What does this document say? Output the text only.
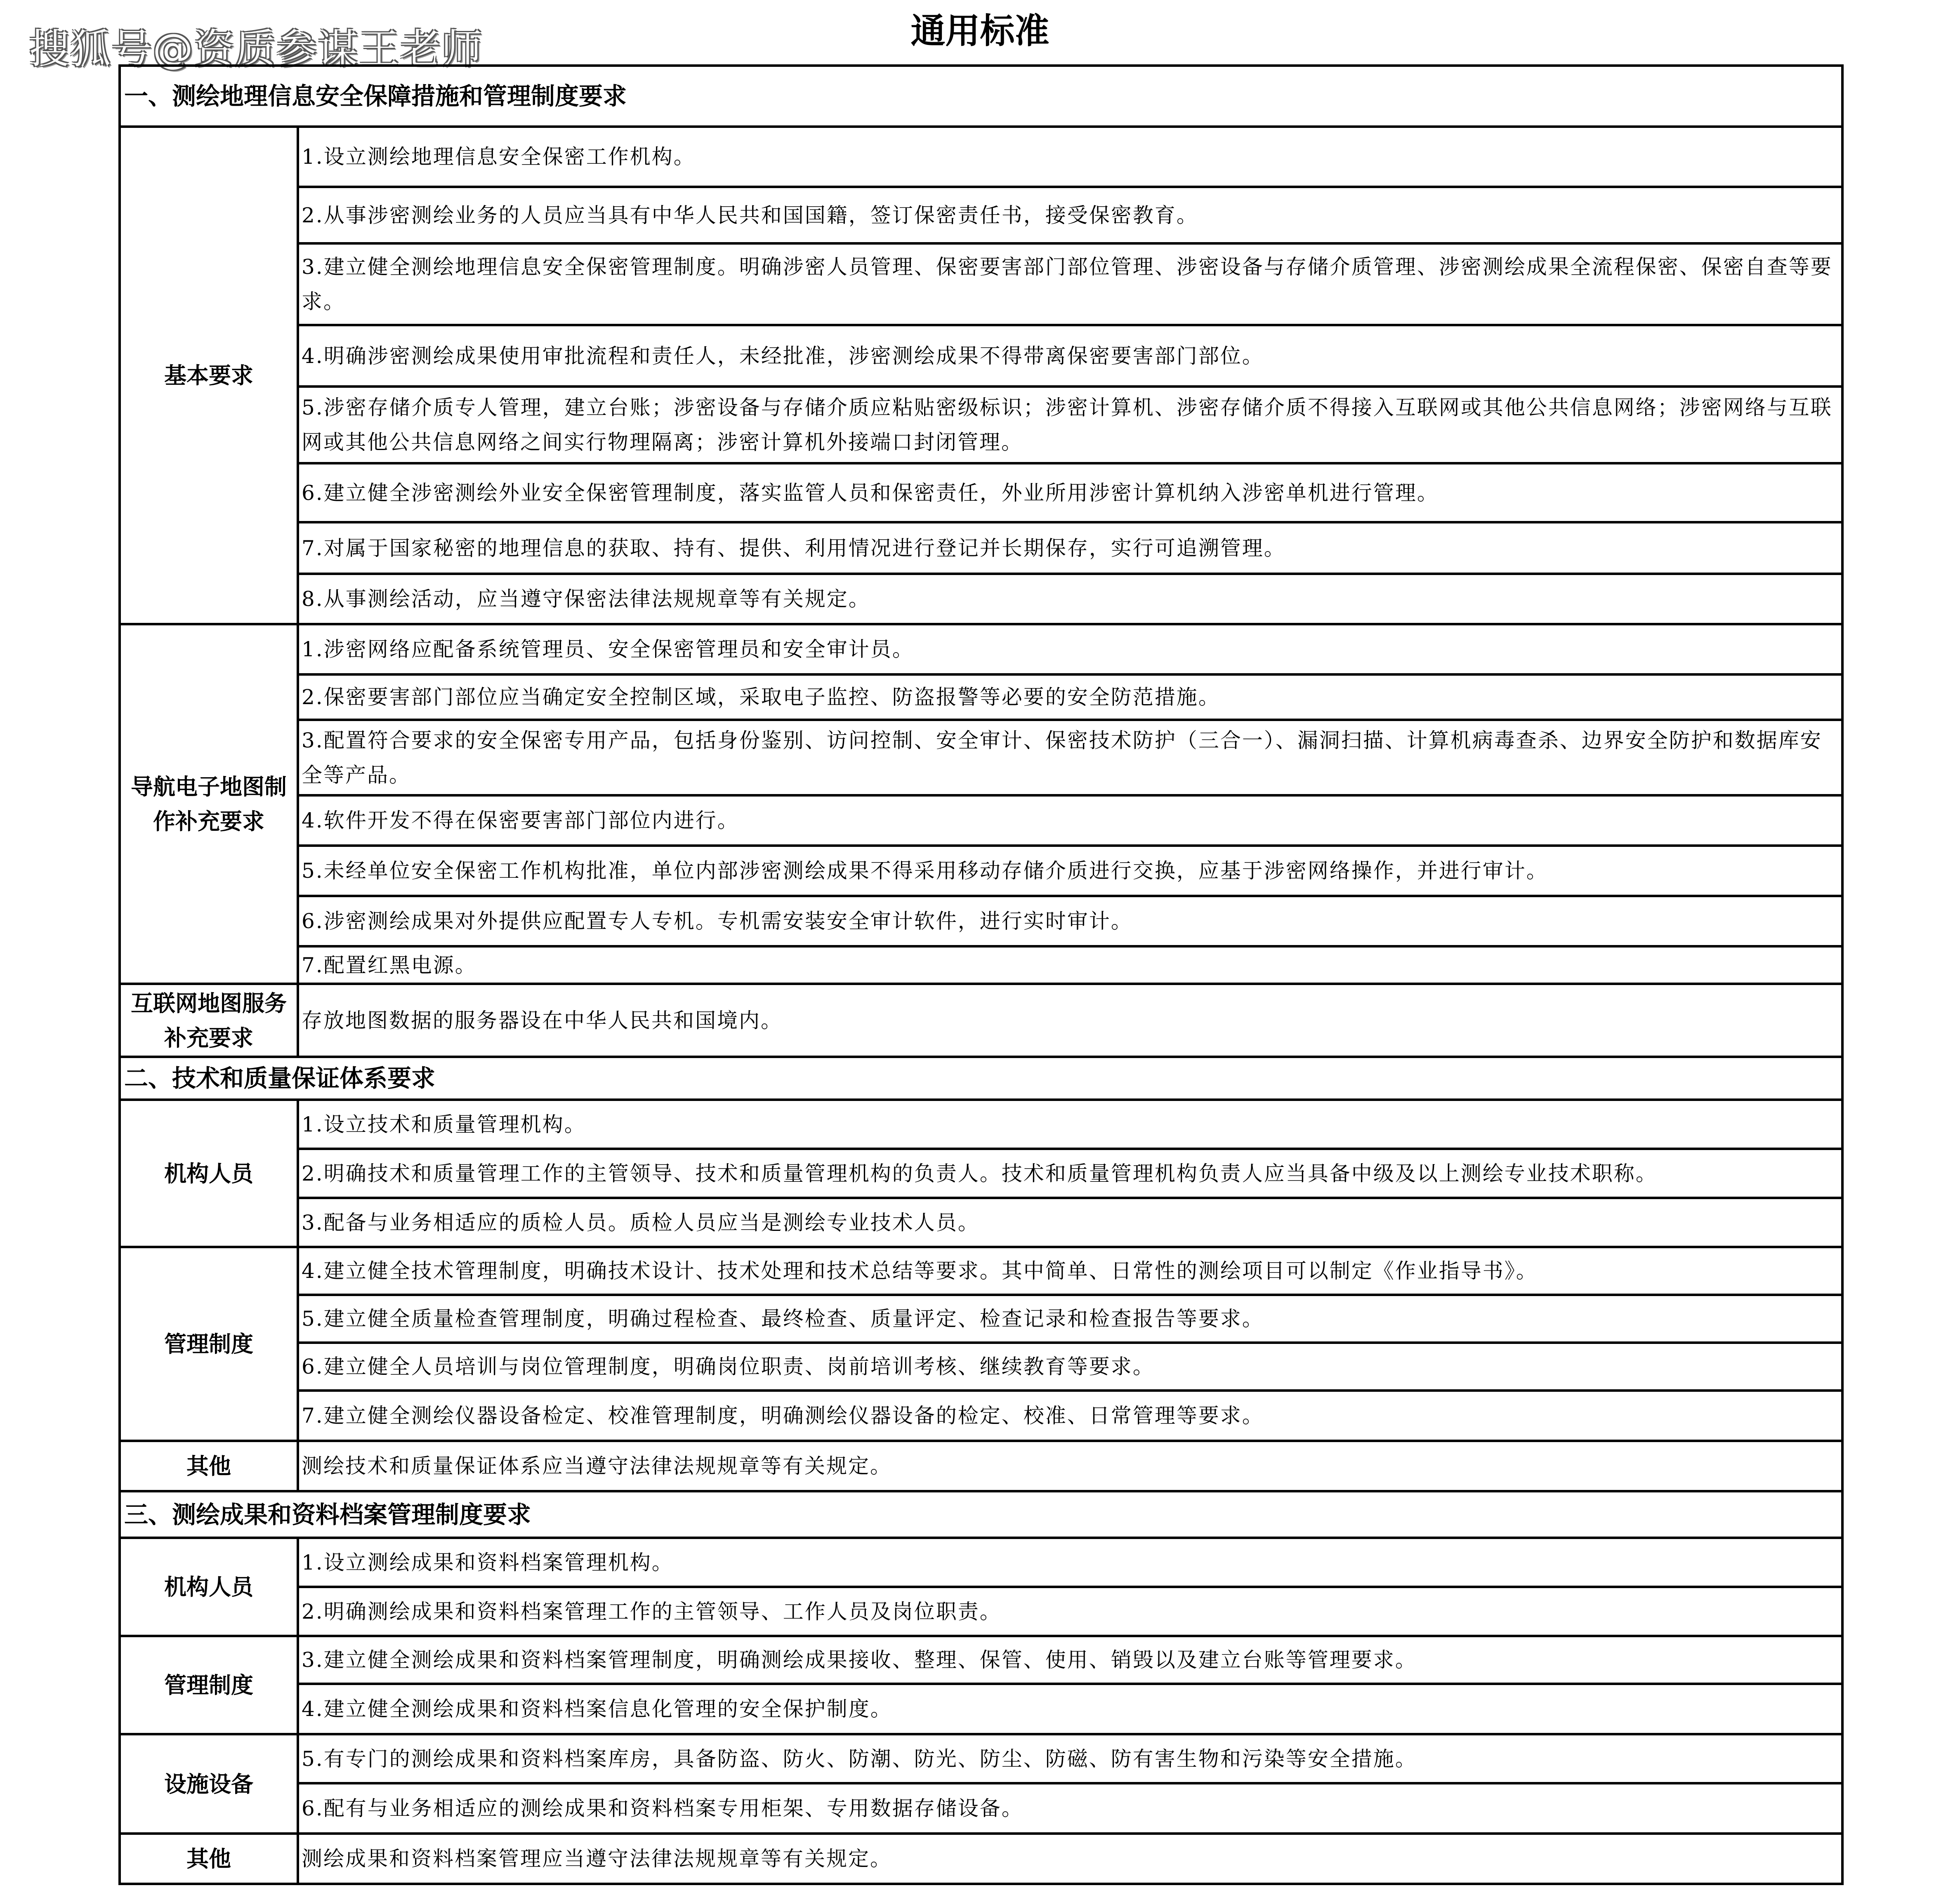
搜狐号@资质参谋王老师	通用标准
一、测绘地理信息安全保障措施和管理制度要求	
基本要求	1.设立测绘地理信息安全保密工作机构。
	2.从事涉密测绘业务的人员应当具有中华人民共和国国籍，签订保密责任书，接受保密教育。
	3.建立健全测绘地理信息安全保密管理制度。明确涉密人员管理、保密要害部门部位管理、涉密设备与存储介质管理、涉密测绘成果全流程保密、保密自查等要求。
	4.明确涉密测绘成果使用审批流程和责任人，未经批准，涉密测绘成果不得带离保密要害部门部位。
	5.涉密存储介质专人管理，建立台账；涉密设备与存储介质应粘贴密级标识；涉密计算机、涉密存储介质不得接入互联网或其他公共信息网络；涉密网络与互联网或其他公共信息网络之间实行物理隔离；涉密计算机外接端口封闭管理。
	6.建立健全涉密测绘外业安全保密管理制度，落实监管人员和保密责任，外业所用涉密计算机纳入涉密单机进行管理。
	7.对属于国家秘密的地理信息的获取、持有、提供、利用情况进行登记并长期保存，实行可追溯管理。
	8.从事测绘活动，应当遵守保密法律法规规章等有关规定。
导航电子地图制作补充要求	1.涉密网络应配备系统管理员、安全保密管理员和安全审计员。
	2.保密要害部门部位应当确定安全控制区域，采取电子监控、防盗报警等必要的安全防范措施。
	3.配置符合要求的安全保密专用产品，包括身份鉴别、访问控制、安全审计、保密技术防护（三合一）、漏洞扫描、计算机病毒查杀、边界安全防护和数据库安全等产品。
	4.软件开发不得在保密要害部门部位内进行。
	5.未经单位安全保密工作机构批准，单位内部涉密测绘成果不得采用移动存储介质进行交换，应基于涉密网络操作，并进行审计。
	6.涉密测绘成果对外提供应配置专人专机。专机需安装安全审计软件，进行实时审计。
	7.配置红黑电源。
互联网地图服务补充要求	存放地图数据的服务器设在中华人民共和国境内。
二、技术和质量保证体系要求	
机构人员	1.设立技术和质量管理机构。
	2.明确技术和质量管理工作的主管领导、技术和质量管理机构的负责人。技术和质量管理机构负责人应当具备中级及以上测绘专业技术职称。
	3.配备与业务相适应的质检人员。质检人员应当是测绘专业技术人员。
管理制度	4.建立健全技术管理制度，明确技术设计、技术处理和技术总结等要求。其中简单、日常性的测绘项目可以制定《作业指导书》。
	5.建立健全质量检查管理制度，明确过程检查、最终检查、质量评定、检查记录和检查报告等要求。
	6.建立健全人员培训与岗位管理制度，明确岗位职责、岗前培训考核、继续教育等要求。
	7.建立健全测绘仪器设备检定、校准管理制度，明确测绘仪器设备的检定、校准、日常管理等要求。
其他	测绘技术和质量保证体系应当遵守法律法规规章等有关规定。
三、测绘成果和资料档案管理制度要求	
机构人员	1.设立测绘成果和资料档案管理机构。
	2.明确测绘成果和资料档案管理工作的主管领导、工作人员及岗位职责。
管理制度	3.建立健全测绘成果和资料档案管理制度，明确测绘成果接收、整理、保管、使用、销毁以及建立台账等管理要求。
	4.建立健全测绘成果和资料档案信息化管理的安全保护制度。
设施设备	5.有专门的测绘成果和资料档案库房，具备防盗、防火、防潮、防光、防尘、防磁、防有害生物和污染等安全措施。
	6.配有与业务相适应的测绘成果和资料档案专用柜架、专用数据存储设备。
其他	测绘成果和资料档案管理应当遵守法律法规规章等有关规定。
